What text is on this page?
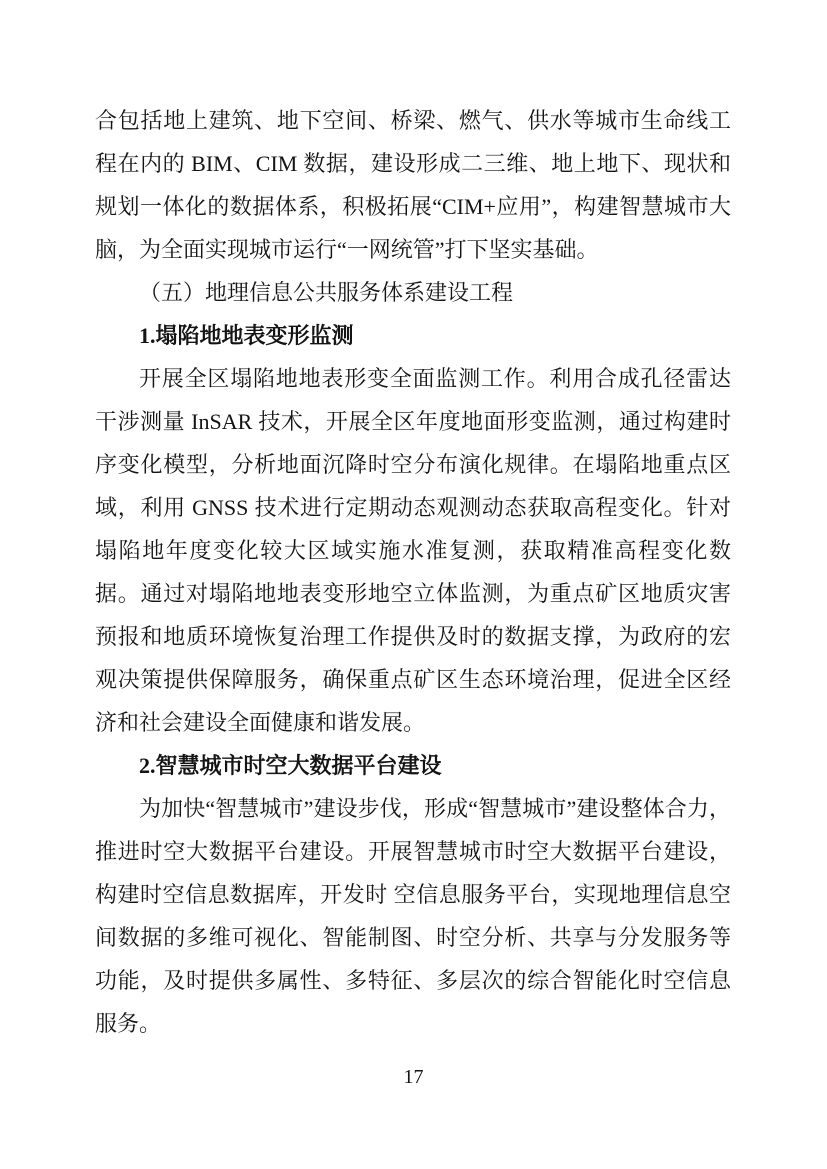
合包括地上建筑、地下空间、桥梁、燃气、供水等城市生命线工程在内的 BIM、CIM 数据，建设形成二三维、地上地下、现状和规划一体化的数据体系，积极拓展“CIM+应用”，构建智慧城市大脑，为全面实现城市运行“一网统管”打下坚实基础。

（五）地理信息公共服务体系建设工程

1.塌陷地地表变形监测

开展全区塌陷地地表形变全面监测工作。利用合成孔径雷达干涉测量 InSAR 技术，开展全区年度地面形变监测，通过构建时序变化模型，分析地面沉降时空分布演化规律。在塌陷地重点区域，利用 GNSS 技术进行定期动态观测动态获取高程变化。针对塌陷地年度变化较大区域实施水准复测，获取精准高程变化数据。通过对塌陷地地表变形地空立体监测，为重点矿区地质灾害预报和地质环境恢复治理工作提供及时的数据支撑，为政府的宏观决策提供保障服务，确保重点矿区生态环境治理，促进全区经济和社会建设全面健康和谐发展。

2.智慧城市时空大数据平台建设

为加快“智慧城市”建设步伐，形成“智慧城市”建设整体合力，推进时空大数据平台建设。开展智慧城市时空大数据平台建设，构建时空信息数据库，开发时 空信息服务平台，实现地理信息空间数据的多维可视化、智能制图、时空分析、共享与分发服务等功能，及时提供多属性、多特征、多层次的综合智能化时空信息服务。

17
